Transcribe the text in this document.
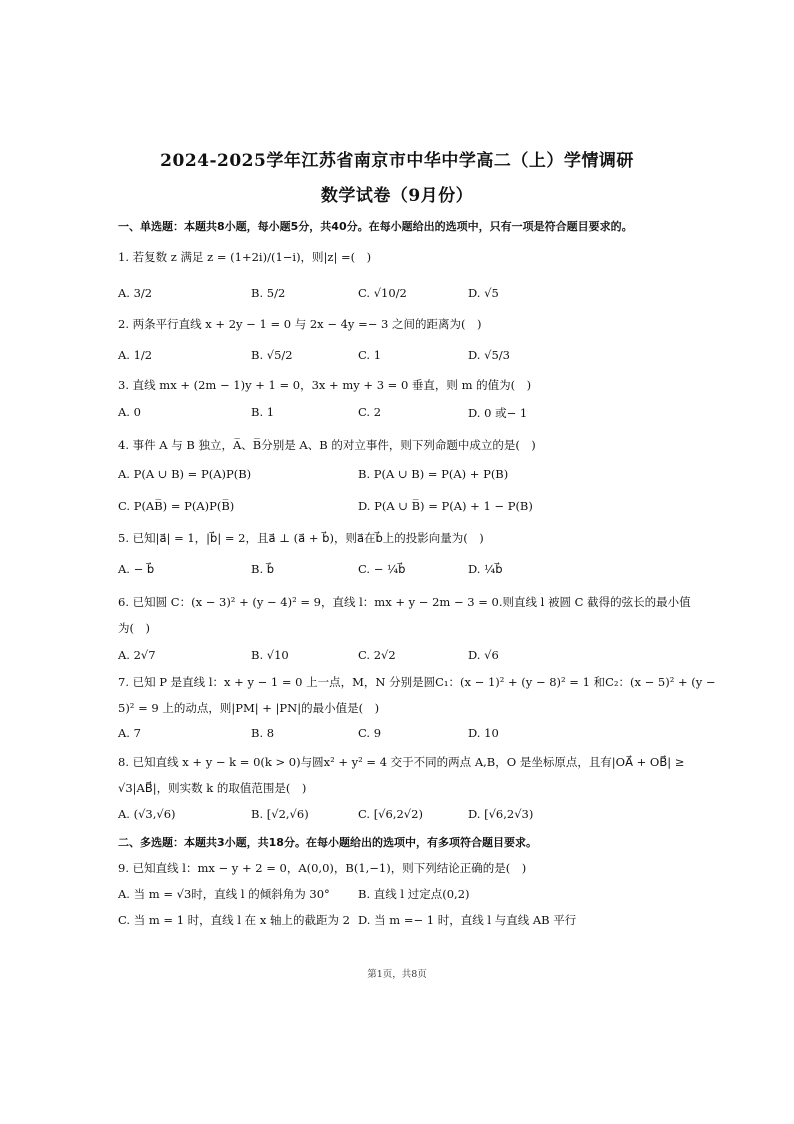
2024-2025学年江苏省南京市中华中学高二（上）学情调研
数学试卷（9月份）
一、单选题：本题共8小题，每小题5分，共40分。在每小题给出的选项中，只有一项是符合题目要求的。
1. 若复数 z 满足 z = (1+2i)/(1−i)，则|z| =(　)
A. 3/2	B. 5/2	C. √10/2	D. √5
2. 两条平行直线 x + 2y − 1 = 0 与 2x − 4y =− 3 之间的距离为(　)
A. 1/2	B. √5/2	C. 1	D. √5/3
3. 直线 mx + (2m − 1)y + 1 = 0，3x + my + 3 = 0 垂直，则 m 的值为(　)
A. 0	B. 1	C. 2	D. 0 或− 1
4. 事件 A 与 B 独立，A̅、B̅分别是 A、B 的对立事件，则下列命题中成立的是(　)
A. P(A ∪ B) = P(A)P(B)	B. P(A ∪ B) = P(A) + P(B)
C. P(AB̅) = P(A)P(B̅)	D. P(A ∪ B̅) = P(A) + 1 − P(B)
5. 已知|a⃗| = 1，|b⃗| = 2，且a⃗ ⊥ (a⃗ + b⃗)，则a⃗在b⃗上的投影向量为(　)
A. − b⃗	B. b⃗	C. − ¼b⃗	D. ¼b⃗
6. 已知圆 C：(x − 3)² + (y − 4)² = 9，直线 l：mx + y − 2m − 3 = 0.则直线 l 被圆 C 截得的弦长的最小值
为(　)
A. 2√7	B. √10	C. 2√2	D. √6
7. 已知 P 是直线 l：x + y − 1 = 0 上一点，M，N 分别是圆C₁：(x − 1)² + (y − 8)² = 1 和C₂：(x − 5)² + (y −
5)² = 9 上的动点，则|PM| + |PN|的最小值是(　)
A. 7	B. 8	C. 9	D. 10
8. 已知直线 x + y − k = 0(k > 0)与圆x² + y² = 4 交于不同的两点 A,B，O 是坐标原点，且有|OA⃗ + OB⃗| ≥
√3|AB⃗|，则实数 k 的取值范围是(　)
A. (√3,√6)	B. [√2,√6)	C. [√6,2√2)	D. [√6,2√3)
二、多选题：本题共3小题，共18分。在每小题给出的选项中，有多项符合题目要求。
9. 已知直线 l：mx − y + 2 = 0，A(0,0)，B(1,−1)，则下列结论正确的是(　)
A. 当 m = √3时，直线 l 的倾斜角为 30° B. 直线 l 过定点(0,2)
C. 当 m = 1 时，直线 l 在 x 轴上的截距为 2 D. 当 m =− 1 时，直线 l 与直线 AB 平行
第1页，共8页
